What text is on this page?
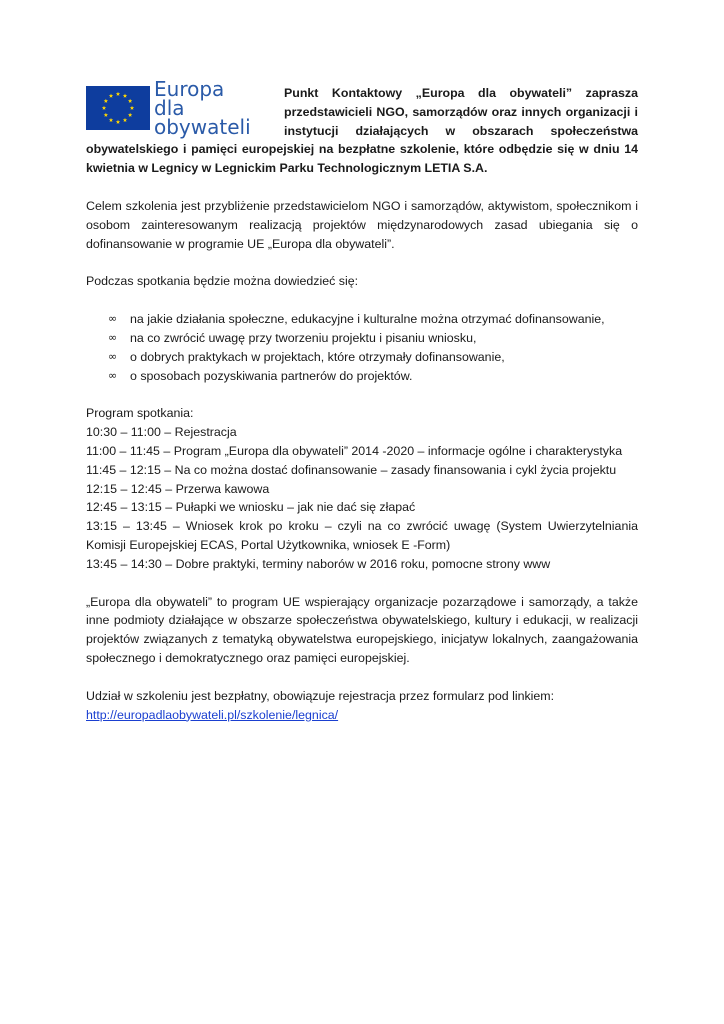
Europa
dla obywateli

Punkt Kontaktowy „Europa dla obywateli” zaprasza przedstawicieli NGO, samorządów oraz innych organizacji i instytucji działających w obszarach społeczeństwa obywatelskiego i pamięci europejskiej na bezpłatne szkolenie, które odbędzie się w dniu 14 kwietnia w Legnicy w Legnickim Parku Technologicznym LETIA S.A.

Celem szkolenia jest przybliżenie przedstawicielom NGO i samorządów, aktywistom, społecznikom i osobom zainteresowanym realizacją projektów międzynarodowych zasad ubiegania się o dofinansowanie w programie UE „Europa dla obywateli”.

Podczas spotkania będzie można dowiedzieć się:

∞	na jakie działania społeczne, edukacyjne i kulturalne można otrzymać dofinansowanie,
∞	na co zwrócić uwagę przy tworzeniu projektu i pisaniu wniosku,
∞	o dobrych praktykach w projektach, które otrzymały dofinansowanie,
∞	o sposobach pozyskiwania partnerów do projektów.

Program spotkania:

10:30 – 11:00 – Rejestracja

11:00 – 11:45 – Program „Europa dla obywateli” 2014 -2020 – informacje ogólne i charakterystyka

11:45 – 12:15 – Na co można dostać dofinansowanie – zasady finansowania i cykl życia projektu

12:15 – 12:45 – Przerwa kawowa

12:45 – 13:15 – Pułapki we wniosku – jak nie dać się złapać

13:15 – 13:45 – Wniosek krok po kroku – czyli na co zwrócić uwagę (System Uwierzytelniania Komisji Europejskiej ECAS, Portal Użytkownika, wniosek E -Form)

13:45 – 14:30 – Dobre praktyki, terminy naborów w 2016 roku, pomocne strony www

„Europa dla obywateli” to program UE wspierający organizacje pozarządowe i samorządy, a także inne podmioty działające w obszarze społeczeństwa obywatelskiego, kultury i edukacji, w realizacji projektów związanych z tematyką obywatelstwa europejskiego, inicjatyw lokalnych, zaangażowania społecznego i demokratycznego oraz pamięci europejskiej.

Udział w szkoleniu jest bezpłatny, obowiązuje rejestracja przez formularz pod linkiem:

http://europadlaobywateli.pl/szkolenie/legnica/
